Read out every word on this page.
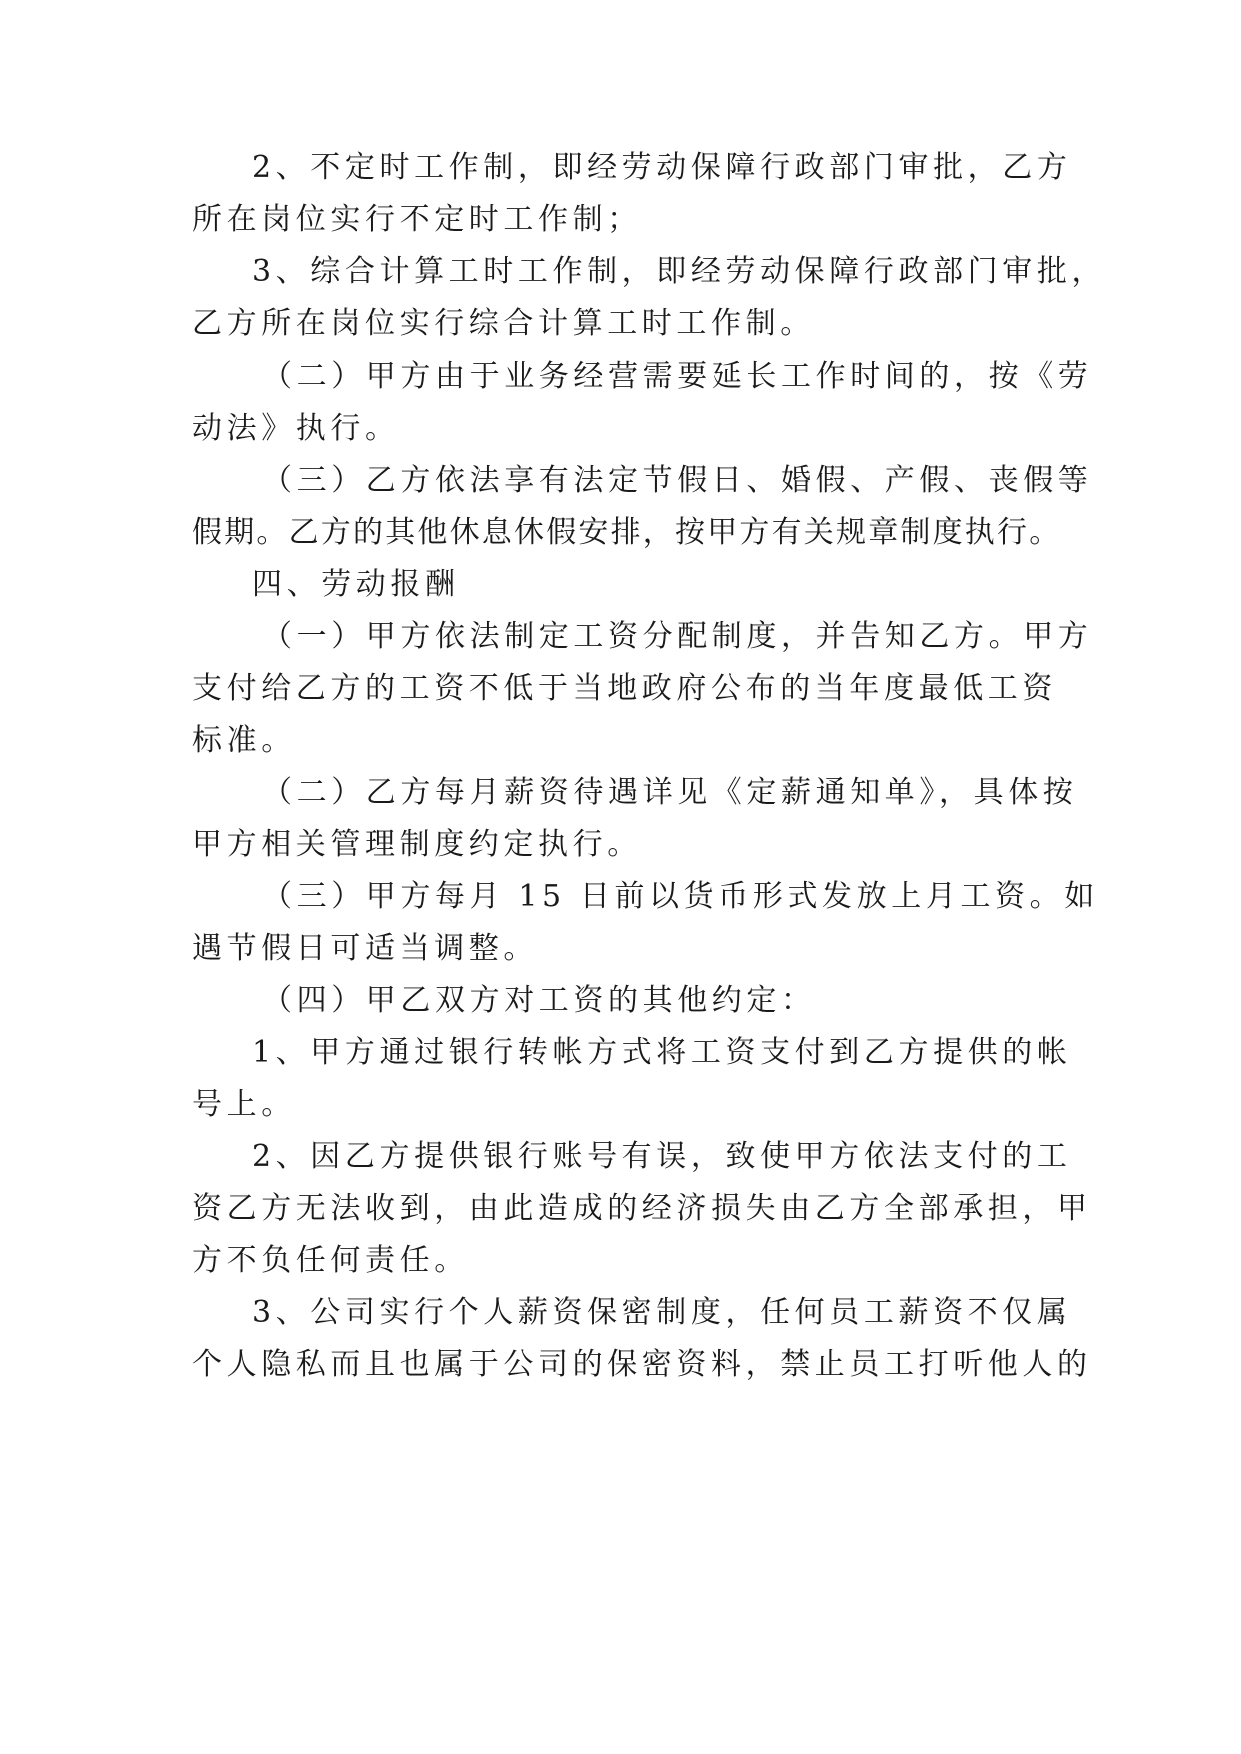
2、不定时工作制，即经劳动保障行政部门审批，乙方
所在岗位实行不定时工作制；
3、综合计算工时工作制，即经劳动保障行政部门审批，
乙方所在岗位实行综合计算工时工作制。
（二）甲方由于业务经营需要延长工作时间的，按《劳
动法》执行。
（三）乙方依法享有法定节假日、婚假、产假、丧假等
假期。乙方的其他休息休假安排，按甲方有关规章制度执行。
四、劳动报酬
（一）甲方依法制定工资分配制度，并告知乙方。甲方
支付给乙方的工资不低于当地政府公布的当年度最低工资
标准。
（二）乙方每月薪资待遇详见《定薪通知单》，具体按
甲方相关管理制度约定执行。
（三）甲方每月 15 日前以货币形式发放上月工资。如
遇节假日可适当调整。
（四）甲乙双方对工资的其他约定：
1、甲方通过银行转帐方式将工资支付到乙方提供的帐
号上。
2、因乙方提供银行账号有误，致使甲方依法支付的工
资乙方无法收到，由此造成的经济损失由乙方全部承担，甲
方不负任何责任。
3、公司实行个人薪资保密制度，任何员工薪资不仅属
个人隐私而且也属于公司的保密资料，禁止员工打听他人的
